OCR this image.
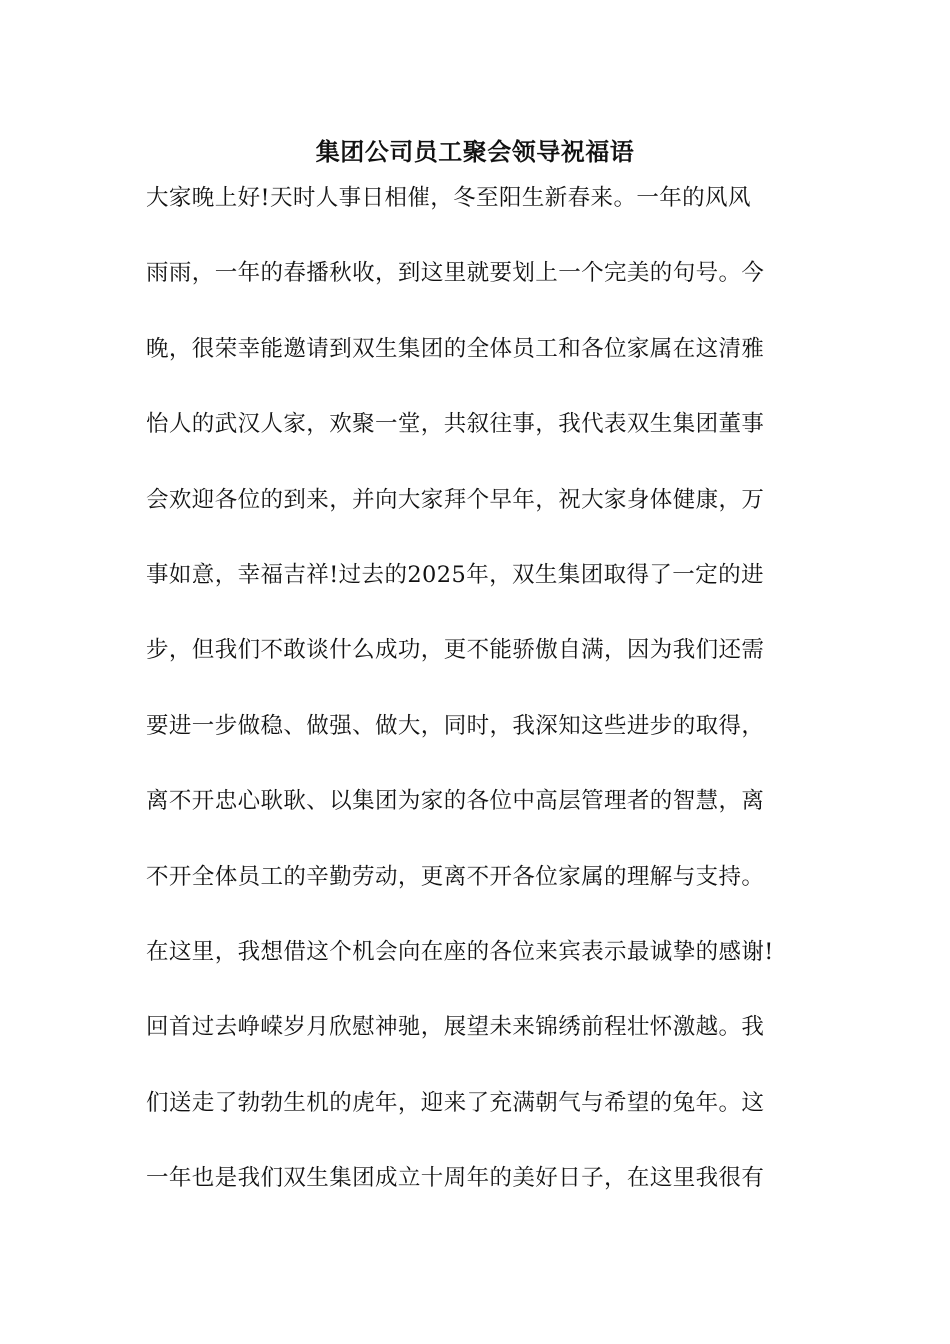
集团公司员工聚会领导祝福语
大家晚上好!天时人事日相催，冬至阳生新春来。一年的风风
雨雨，一年的春播秋收，到这里就要划上一个完美的句号。今
晚，很荣幸能邀请到双生集团的全体员工和各位家属在这清雅
怡人的武汉人家，欢聚一堂，共叙往事，我代表双生集团董事
会欢迎各位的到来，并向大家拜个早年，祝大家身体健康，万
事如意，幸福吉祥!过去的2025年，双生集团取得了一定的进
步，但我们不敢谈什么成功，更不能骄傲自满，因为我们还需
要进一步做稳、做强、做大，同时，我深知这些进步的取得，
离不开忠心耿耿、以集团为家的各位中高层管理者的智慧，离
不开全体员工的辛勤劳动，更离不开各位家属的理解与支持。
在这里，我想借这个机会向在座的各位来宾表示最诚挚的感谢!
回首过去峥嵘岁月欣慰神驰，展望未来锦绣前程壮怀激越。我
们送走了勃勃生机的虎年，迎来了充满朝气与希望的兔年。这
一年也是我们双生集团成立十周年的美好日子，在这里我很有
